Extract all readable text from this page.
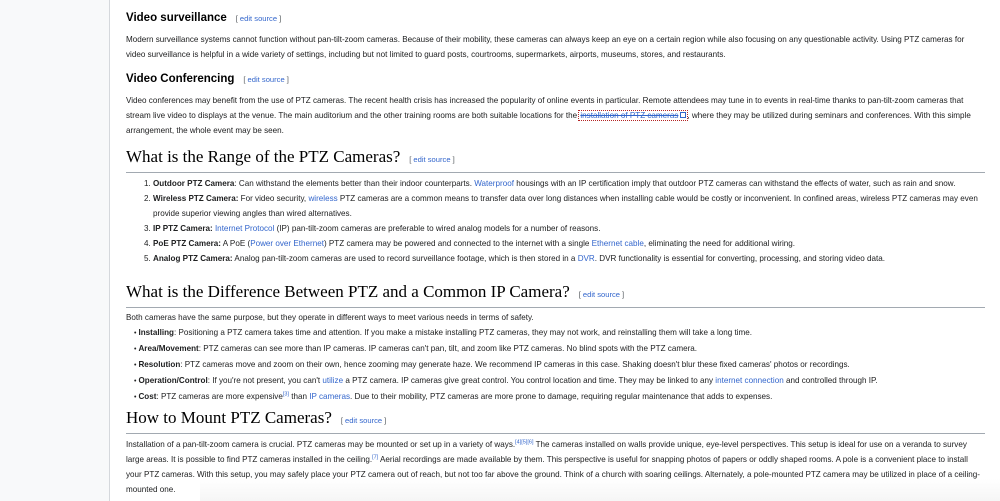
Video surveillance [ edit source ]

Modern surveillance systems cannot function without pan-tilt-zoom cameras. Because of their mobility, these cameras can always keep an eye on a certain region while also focusing on any questionable activity. Using PTZ cameras for video surveillance is helpful in a wide variety of settings, including but not limited to guard posts, courtrooms, supermarkets, airports, museums, stores, and restaurants.

Video Conferencing [ edit source ]

Video conferences may benefit from the use of PTZ cameras. The recent health crisis has increased the popularity of online events in particular. Remote attendees may tune in to events in real-time thanks to pan-tilt-zoom cameras that stream live video to displays at the venue. The main auditorium and the other training rooms are both suitable locations for the installation of PTZ cameras , where they may be utilized during seminars and conferences. With this simple arrangement, the whole event may be seen.

What is the Range of the PTZ Cameras? [ edit source ]
1. Outdoor PTZ Camera: Can withstand the elements better than their indoor counterparts. Waterproof housings with an IP certification imply that outdoor PTZ cameras can withstand the effects of water, such as rain and snow.
2. Wireless PTZ Camera: For video security, wireless PTZ cameras are a common means to transfer data over long distances when installing cable would be costly or inconvenient. In confined areas, wireless PTZ cameras may even provide superior viewing angles than wired alternatives.
3. IP PTZ Camera: Internet Protocol (IP) pan-tilt-zoom cameras are preferable to wired analog models for a number of reasons.
4. PoE PTZ Camera: A PoE (Power over Ethernet) PTZ camera may be powered and connected to the internet with a single Ethernet cable, eliminating the need for additional wiring.
5. Analog PTZ Camera: Analog pan-tilt-zoom cameras are used to record surveillance footage, which is then stored in a DVR. DVR functionality is essential for converting, processing, and storing video data.
What is the Difference Between PTZ and a Common IP Camera? [ edit source ]

Both cameras have the same purpose, but they operate in different ways to meet various needs in terms of safety.

• Installing: Positioning a PTZ camera takes time and attention. If you make a mistake installing PTZ cameras, they may not work, and reinstalling them will take a long time.
• Area/Movement: PTZ cameras can see more than IP cameras. IP cameras can't pan, tilt, and zoom like PTZ cameras. No blind spots with the PTZ camera.
• Resolution: PTZ cameras move and zoom on their own, hence zooming may generate haze. We recommend IP cameras in this case. Shaking doesn't blur these fixed cameras' photos or recordings.
• Operation/Control: If you're not present, you can't utilize a PTZ camera. IP cameras give great control. You control location and time. They may be linked to any internet connection and controlled through IP.
• Cost: PTZ cameras are more expensive[3] than IP cameras. Due to their mobility, PTZ cameras are more prone to damage, requiring regular maintenance that adds to expenses.
How to Mount PTZ Cameras? [ edit source ]

Installation of a pan-tilt-zoom camera is crucial. PTZ cameras may be mounted or set up in a variety of ways.[4][5][6] The cameras installed on walls provide unique, eye-level perspectives. This setup is ideal for use on a veranda to survey large areas. It is possible to find PTZ cameras installed in the ceiling.[7] Aerial recordings are made available by them. This perspective is useful for snapping photos of papers or oddly shaped rooms. A pole is a convenient place to install your PTZ cameras. With this setup, you may safely place your PTZ camera out of reach, but not too far above the ground. Think of a church with soaring ceilings. Alternately, a pole-mounted PTZ camera may be utilized in place of a ceiling-mounted one.
